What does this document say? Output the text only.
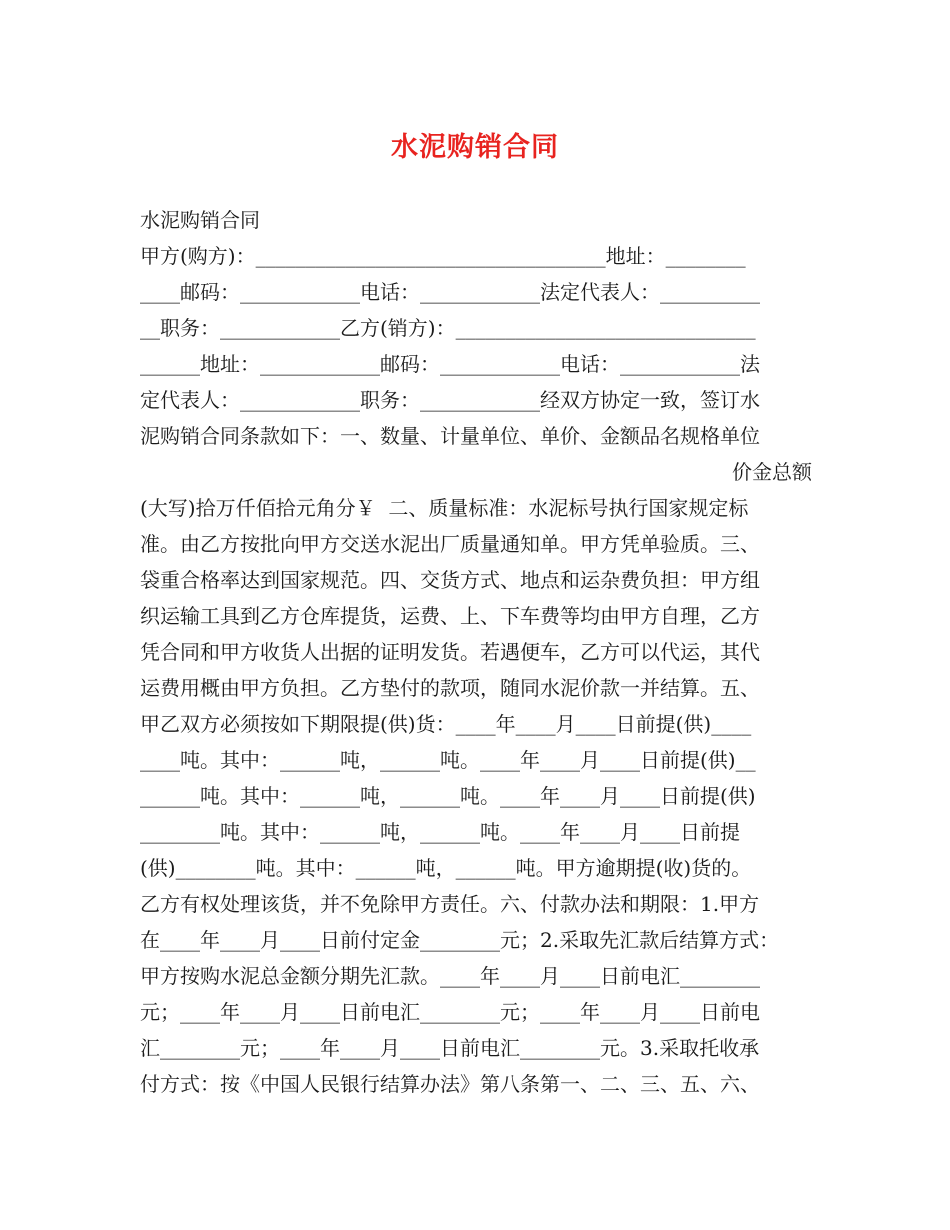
水泥购销合同
水泥购销合同
甲方(购方)：___________________________________地址：________
____邮码：____________电话：____________法定代表人：__________
__职务：____________乙方(销方)：______________________________
______地址：____________邮码：____________电话：____________法
定代表人：____________职务：____________经双方协定一致，签订水
泥购销合同条款如下：一、数量、计量单位、单价、金额品名规格单位

价金总额

(大写)拾万仟佰拾元角分￥  二、质量标准：水泥标号执行国家规定标
准。由乙方按批向甲方交送水泥出厂质量通知单。甲方凭单验质。三、
袋重合格率达到国家规范。四、交货方式、地点和运杂费负担：甲方组
织运输工具到乙方仓库提货，运费、上、下车费等均由甲方自理，乙方
凭合同和甲方收货人出据的证明发货。若遇便车，乙方可以代运，其代
运费用概由甲方负担。乙方垫付的款项，随同水泥价款一并结算。五、
甲乙双方必须按如下期限提(供)货：____年____月____日前提(供)____
____吨。其中：______吨，______吨。____年____月____日前提(供)__
______吨。其中：______吨，______吨。____年____月____日前提(供)
________吨。其中：______吨，______吨。____年____月____日前提
(供)________吨。其中：______吨，______吨。甲方逾期提(收)货的。
乙方有权处理该货，并不免除甲方责任。六、付款办法和期限：1.甲方
在____年____月____日前付定金________元；2.采取先汇款后结算方式：
甲方按购水泥总金额分期先汇款。____年____月____日前电汇________
元；____年____月____日前电汇________元；____年____月____日前电
汇________元；____年____月____日前电汇________元。3.采取托收承
付方式：按《中国人民银行结算办法》第八条第一、二、三、五、六、
